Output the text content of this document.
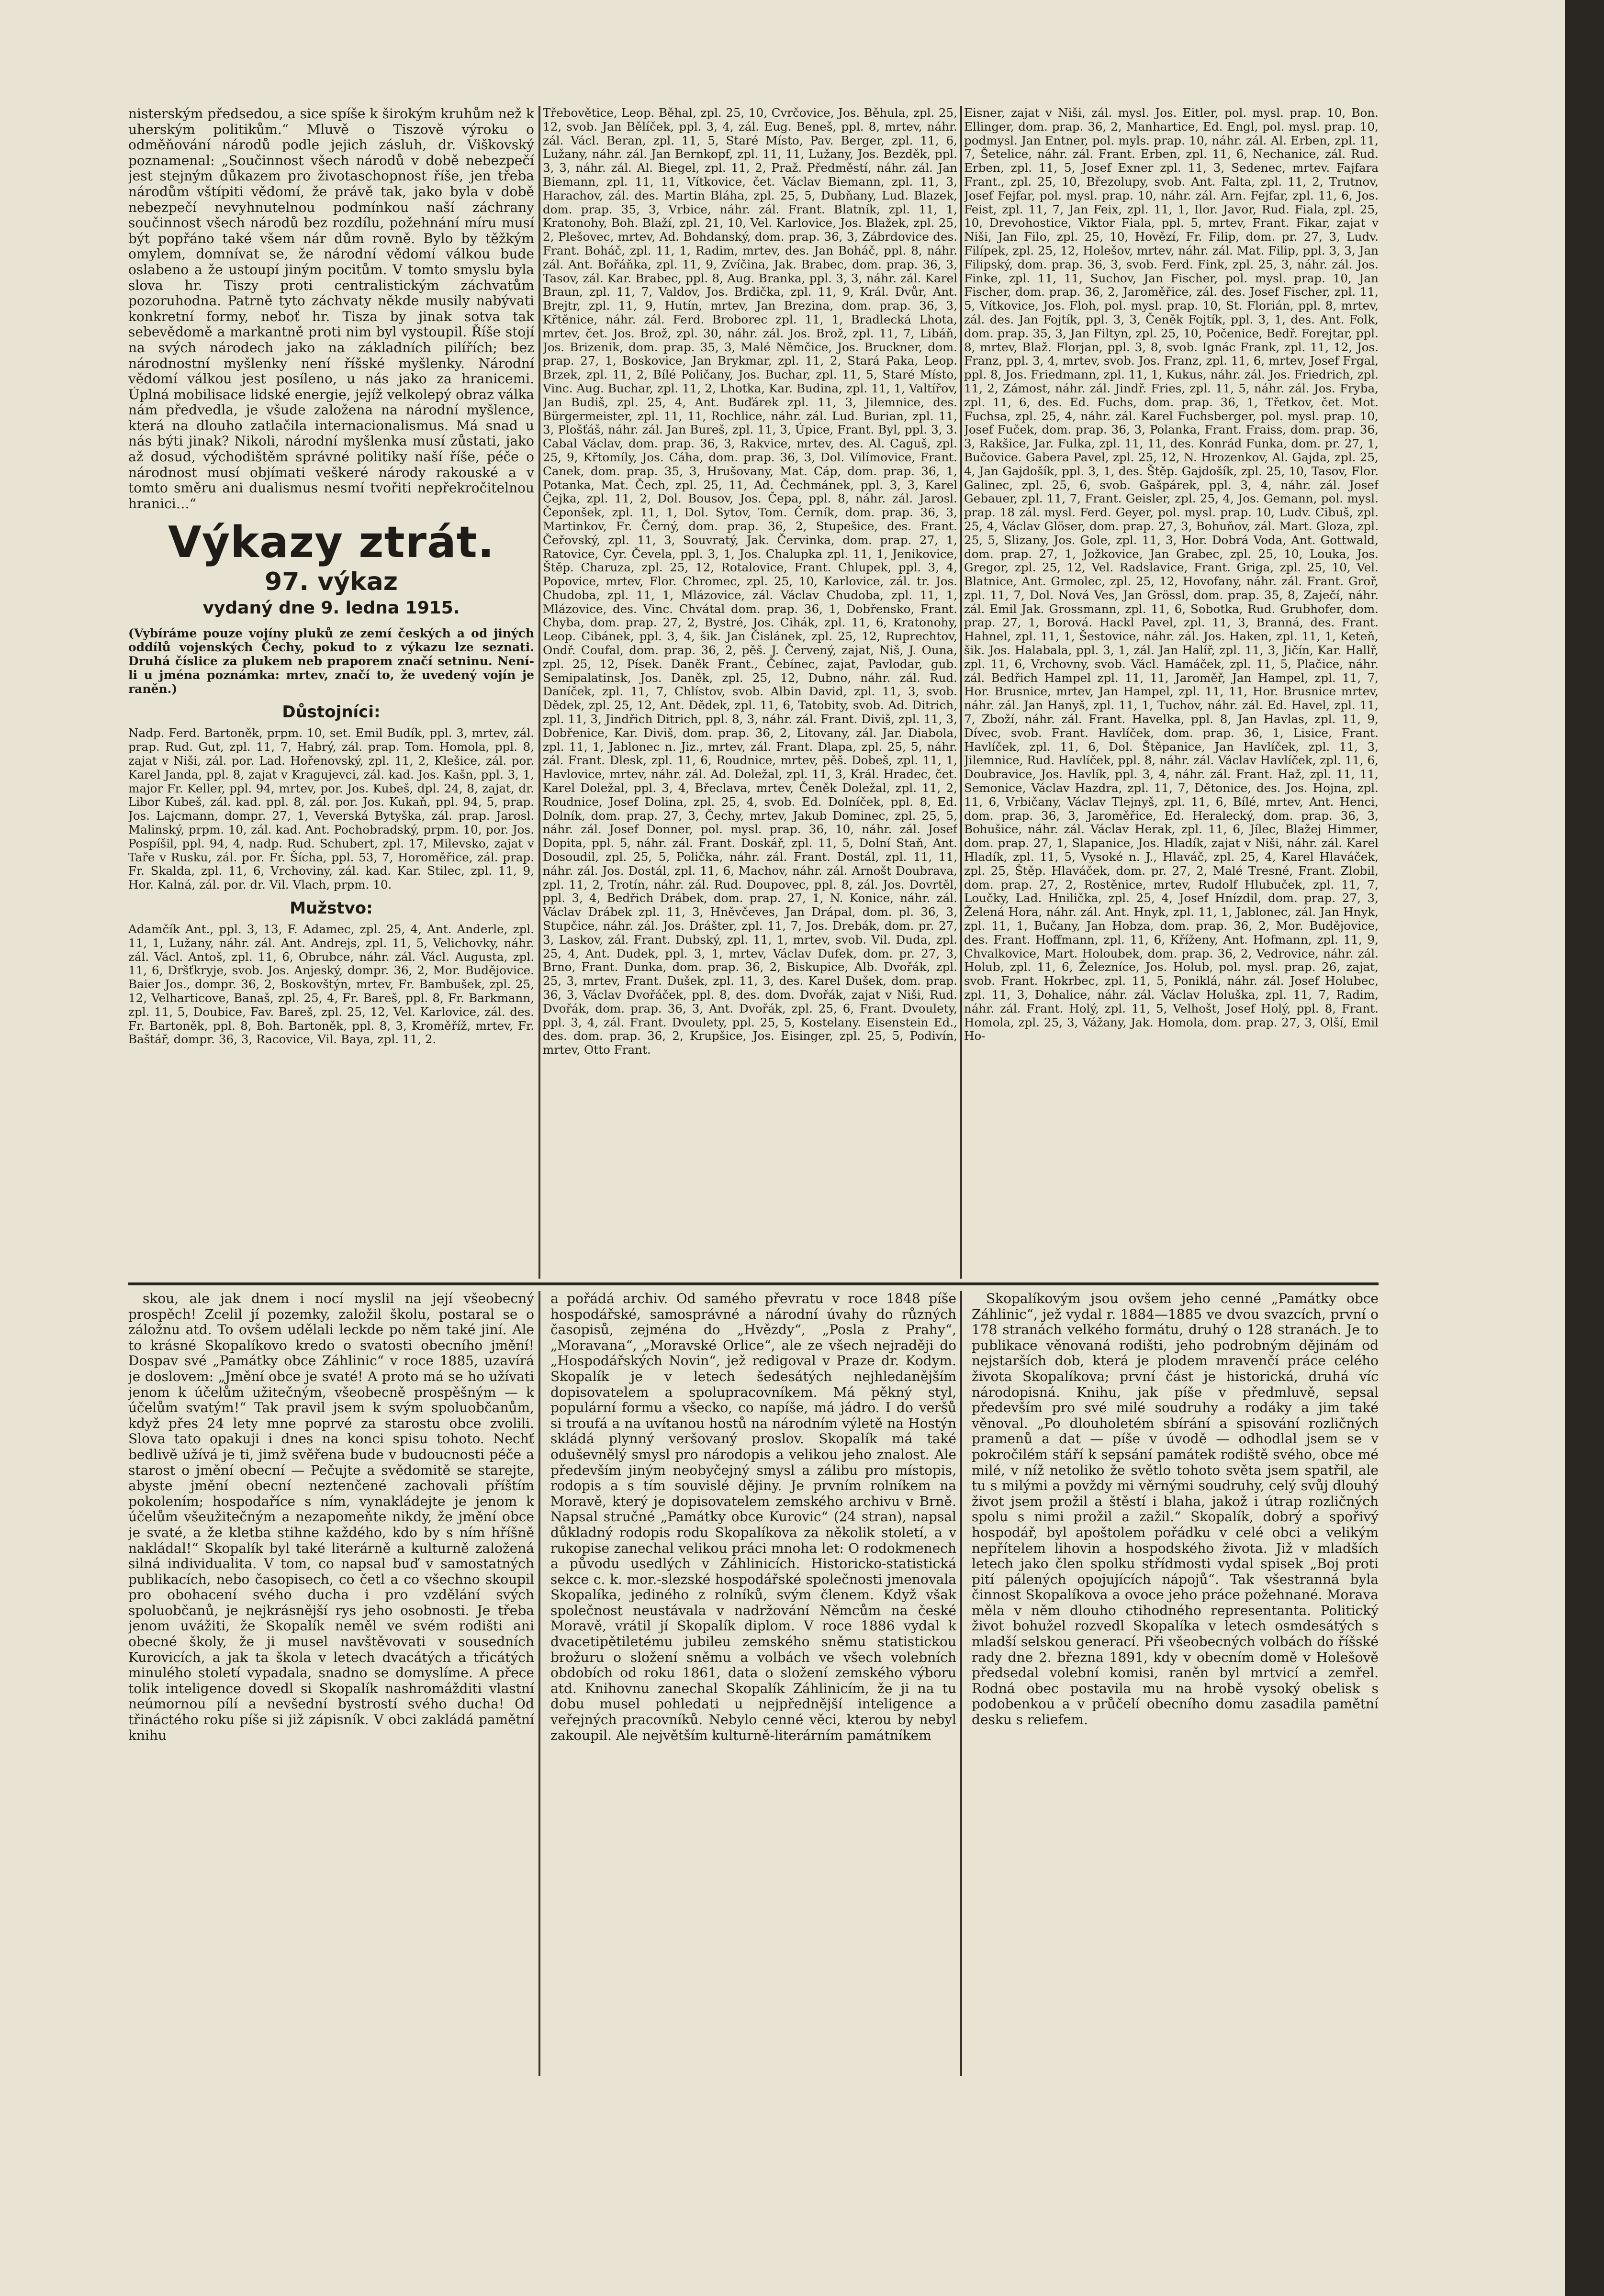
nisterským předsedou, a sice spíše k širokým kruhům než k uherským politikům.“ Mluvě o Tiszově výroku o odměňování národů podle jejich zásluh, dr. Viškovský poznamenal: „Součinnost všech národů v době nebezpečí jest stejným důkazem pro životaschopnost říše, jen třeba národům vštípiti vědomí, že právě tak, jako byla v době nebezpečí nevyhnutelnou podmínkou naší záchrany součinnost všech národů bez rozdílu, požehnání míru musí být popřáno také všem nár dům rovně. Bylo by těžkým omylem, domnívat se, že národní vědomí válkou bude oslabeno a že ustoupí jiným pocitům. V tomto smyslu byla slova hr. Tiszy proti centralistickým záchvatům pozoruhodna. Patrně tyto záchvaty někde musily nabývati konkretní formy, neboť hr. Tisza by jinak sotva tak sebevědomě a markantně proti nim byl vystoupil. Říše stojí na svých národech jako na základních pilířích; bez národnostní myšlenky není říšské myšlenky. Národní vědomí válkou jest posíleno, u nás jako za hranicemi. Úplná mobilisace lidské energie, jejíž velkolepý obraz válka nám předvedla, je všude založena na národní myšlence, která na dlouho zatlačila internacionalismus. Má snad u nás býti jinak? Nikoli, národní myšlenka musí zůstati, jako až dosud, východištěm správné politiky naší říše, péče o národnost musí objímati veškeré národy rakouské a v tomto směru ani dualismus nesmí tvořiti nepřekročitelnou hranici…“

Výkazy ztrát.
97. výkaz
vydaný dne 9. ledna 1915.

(Vybíráme pouze vojíny pluků ze zemí českých a od jiných oddílů vojenských Čechy, pokud to z výkazu lze seznati. Druhá číslice za plukem neb praporem značí setninu. Není-li u jména poznámka: mrtev, značí to, že uvedený vojín je raněn.)

Důstojníci:

Nadp. Ferd. Bartoněk, prpm. 10, set. Emil Budík, ppl. 3, mrtev, zál. prap. Rud. Gut, zpl. 11, 7, Habrý, zál. prap. Tom. Homola, ppl. 8, zajat v Niši, zál. por. Lad. Hořenovský, zpl. 11, 2, Klešice, zál. por. Karel Janda, ppl. 8, zajat v Kragujevci, zál. kad. Jos. Kašn, ppl. 3, 1, major Fr. Keller, ppl. 94, mrtev, por. Jos. Kubeš, dpl. 24, 8, zajat, dr. Libor Kubeš, zál. kad. ppl. 8, zál. por. Jos. Kukaň, ppl. 94, 5, prap. Jos. Lajcmann, dompr. 27, 1, Veverská Bytyška, zál. prap. Jarosl. Malinský, prpm. 10, zál. kad. Ant. Pochobradský, prpm. 10, por. Jos. Pospíšil, ppl. 94, 4, nadp. Rud. Schubert, zpl. 17, Milevsko, zajat v Taře v Rusku, zál. por. Fr. Šícha, ppl. 53, 7, Horoměřice, zál. prap. Fr. Skalda, zpl. 11, 6, Vrchoviny, zál. kad. Kar. Stilec, zpl. 11, 9, Hor. Kalná, zál. por. dr. Vil. Vlach, prpm. 10.

Mužstvo:

Adamčík Ant., ppl. 3, 13, F. Adamec, zpl. 25, 4, Ant. Anderle, zpl. 11, 1, Lužany, náhr. zál. Ant. Andrejs, zpl. 11, 5, Velichovky, náhr. zál. Václ. Antoš, zpl. 11, 6, Obrubce, náhr. zál. Václ. Augusta, zpl. 11, 6, Dršťkryje, svob. Jos. Anjeský, dompr. 36, 2, Mor. Budějovice. Baier Jos., dompr. 36, 2, Boskovštýn, mrtev, Fr. Bambušek, zpl. 25, 12, Velharticove, Banaš, zpl. 25, 4, Fr. Bareš, ppl. 8, Fr. Barkmann, zpl. 11, 5, Doubice, Fav. Bareš, zpl. 25, 12, Vel. Karlovice, zál. des. Fr. Bartoněk, ppl. 8, Boh. Bartoněk, ppl. 8, 3, Kroměříž, mrtev, Fr. Baštář, dompr. 36, 3, Racovice, Vil. Baya, zpl. 11, 2.

Třebovětice, Leop. Běhal, zpl. 25, 10, Cvrčovice, Jos. Běhula, zpl. 25, 12, svob. Jan Bělíček, ppl. 3, 4, zál. Eug. Beneš, ppl. 8, mrtev, náhr. zál. Václ. Beran, zpl. 11, 5, Staré Místo, Pav. Berger, zpl. 11, 6, Lužany, náhr. zál. Jan Bernkopf, zpl. 11, 11, Lužany, Jos. Bezděk, ppl. 3, 3, náhr. zál. Al. Biegel, zpl. 11, 2, Praž. Předměstí, náhr. zál. Jan Biemann, zpl. 11, 11, Vítkovice, čet. Václav Biemann, zpl. 11, 3, Harachov, zál. des. Martin Bláha, zpl. 25, 5, Dubňany, Lud. Blazek, dom. prap. 35, 3, Vrbice, náhr. zál. Frant. Blatník, zpl. 11, 1, Kratonohy, Boh. Blaží, zpl. 21, 10, Vel. Karlovice, Jos. Blažek, zpl. 25, 2, Plešovec, mrtev, Ad. Bohdanský, dom. prap. 36, 3, Zábrdovice des. Frant. Boháč, zpl. 11, 1, Radim, mrtev, des. Jan Boháč, ppl. 8, náhr. zál. Ant. Bořáňka, zpl. 11, 9, Zvíčina, Jak. Brabec, dom. prap. 36, 3, Tasov, zál. Kar. Brabec, ppl. 8, Aug. Branka, ppl. 3, 3, náhr. zál. Karel Braun, zpl. 11, 7, Valdov, Jos. Brdička, zpl. 11, 9, Král. Dvůr, Ant. Brejtr, zpl. 11, 9, Hutín, mrtev, Jan Brezina, dom. prap. 36, 3, Křtěnice, náhr. zál. Ferd. Broborec zpl. 11, 1, Bradlecká Lhota, mrtev, čet. Jos. Brož, zpl. 30, náhr. zál. Jos. Brož, zpl. 11, 7, Libáň, Jos. Brizenik, dom. prap. 35, 3, Malé Němčice, Jos. Bruckner, dom. prap. 27, 1, Boskovice, Jan Brykmar, zpl. 11, 2, Stará Paka, Leop. Brzek, zpl. 11, 2, Bílé Poličany, Jos. Buchar, zpl. 11, 5, Staré Místo, Vinc. Aug. Buchar, zpl. 11, 2, Lhotka, Kar. Budina, zpl. 11, 1, Valtířov, Jan Budiš, zpl. 25, 4, Ant. Buďárek zpl. 11, 3, Jilemnice, des. Bürgermeister, zpl. 11, 11, Rochlice, náhr. zál. Lud. Burian, zpl. 11, 3, Plošťáš, náhr. zál. Jan Bureš, zpl. 11, 3, Úpice, Frant. Byl, ppl. 3, 3. Cabal Václav, dom. prap. 36, 3, Rakvice, mrtev, des. Al. Caguš, zpl. 25, 9, Křtomíly, Jos. Cáha, dom. prap. 36, 3, Dol. Vilímovice, Frant. Canek, dom. prap. 35, 3, Hrušovany, Mat. Cáp, dom. prap. 36, 1, Potanka, Mat. Čech, zpl. 25, 11, Ad. Čechmánek, ppl. 3, 3, Karel Čejka, zpl. 11, 2, Dol. Bousov, Jos. Čepa, ppl. 8, náhr. zál. Jarosl. Čeponšek, zpl. 11, 1, Dol. Sytov, Tom. Černík, dom. prap. 36, 3, Martinkov, Fr. Černý, dom. prap. 36, 2, Stupešice, des. Frant. Čeřovský, zpl. 11, 3, Souvratý, Jak. Červinka, dom. prap. 27, 1, Ratovice, Cyr. Čevela, ppl. 3, 1, Jos. Chalupka zpl. 11, 1, Jenikovice, Štěp. Charuza, zpl. 25, 12, Rotalovice, Frant. Chlupek, ppl. 3, 4, Popovice, mrtev, Flor. Chromec, zpl. 25, 10, Karlovice, zál. tr. Jos. Chudoba, zpl. 11, 1, Mlázovice, zál. Václav Chudoba, zpl. 11, 1, Mlázovice, des. Vinc. Chvátal dom. prap. 36, 1, Dobřensko, Frant. Chyba, dom. prap. 27, 2, Bystré, Jos. Cihák, zpl. 11, 6, Kratonohy, Leop. Cibánek, ppl. 3, 4, šik. Jan Čislánek, zpl. 25, 12, Ruprechtov, Ondř. Coufal, dom. prap. 36, 2, pěš. J. Červený, zajat, Niš, J. Ouna, zpl. 25, 12, Písek. Daněk Frant., Čebínec, zajat, Pavlodar, gub. Semipalatinsk, Jos. Daněk, zpl. 25, 12, Dubno, náhr. zál. Rud. Daníček, zpl. 11, 7, Chlístov, svob. Albin David, zpl. 11, 3, svob. Dědek, zpl. 25, 12, Ant. Dědek, zpl. 11, 6, Tatobity, svob. Ad. Ditrich, zpl. 11, 3, Jindřich Ditrich, ppl. 8, 3, náhr. zál. Frant. Diviš, zpl. 11, 3, Dobřenice, Kar. Diviš, dom. prap. 36, 2, Litovany, zál. Jar. Diabola, zpl. 11, 1, Jablonec n. Jiz., mrtev, zál. Frant. Dlapa, zpl. 25, 5, náhr. zál. Frant. Dlesk, zpl. 11, 6, Roudnice, mrtev, pěš. Dobeš, zpl. 11, 1, Havlovice, mrtev, náhr. zál. Ad. Doležal, zpl. 11, 3, Král. Hradec, čet. Karel Doležal, ppl. 3, 4, Břeclava, mrtev, Čeněk Doležal, zpl. 11, 2, Roudnice, Josef Dolina, zpl. 25, 4, svob. Ed. Dolníček, ppl. 8, Ed. Dolník, dom. prap. 27, 3, Čechy, mrtev, Jakub Dominec, zpl. 25, 5, náhr. zál. Josef Donner, pol. mysl. prap. 36, 10, náhr. zál. Josef Dopita, ppl. 5, náhr. zál. Frant. Doskář, zpl. 11, 5, Dolní Staň, Ant. Dosoudil, zpl. 25, 5, Polička, náhr. zál. Frant. Dostál, zpl. 11, 11, náhr. zál. Jos. Dostál, zpl. 11, 6, Machov, náhr. zál. Arnošt Doubrava, zpl. 11, 2, Trotín, náhr. zál. Rud. Doupovec, ppl. 8, zál. Jos. Dovrtěl, ppl. 3, 4, Bedřich Drábek, dom. prap. 27, 1, N. Konice, náhr. zál. Václav Drábek zpl. 11, 3, Hněvčeves, Jan Drápal, dom. pl. 36, 3, Stupčice, náhr. zál. Jos. Drášter, zpl. 11, 7, Jos. Drebák, dom. pr. 27, 3, Laskov, zál. Frant. Dubský, zpl. 11, 1, mrtev, svob. Vil. Duda, zpl. 25, 4, Ant. Dudek, ppl. 3, 1, mrtev, Václav Dufek, dom. pr. 27, 3, Brno, Frant. Dunka, dom. prap. 36, 2, Biskupice, Alb. Dvořák, zpl. 25, 3, mrtev, Frant. Dušek, zpl. 11, 3, des. Karel Dušek, dom. prap. 36, 3, Václav Dvořáček, ppl. 8, des. dom. Dvořák, zajat v Niši, Rud. Dvořák, dom. prap. 36, 3, Ant. Dvořák, zpl. 25, 6, Frant. Dvoulety, ppl. 3, 4, zál. Frant. Dvoulety, ppl. 25, 5, Kostelany. Eisenstein Ed., des. dom. prap. 36, 2, Krupšice, Jos. Eisinger, zpl. 25, 5, Podivín, mrtev, Otto Frant.

Eisner, zajat v Niši, zál. mysl. Jos. Eitler, pol. mysl. prap. 10, Bon. Ellinger, dom. prap. 36, 2, Manhartice, Ed. Engl, pol. mysl. prap. 10, podmysl. Jan Entner, pol. myls. prap. 10, náhr. zál. Al. Erben, zpl. 11, 7, Šetelice, náhr. zál. Frant. Erben, zpl. 11, 6, Nechanice, zál. Rud. Erben, zpl. 11, 5, Josef Exner zpl. 11, 3, Sedenec, mrtev. Fajfara Frant., zpl. 25, 10, Březolupy, svob. Ant. Falta, zpl. 11, 2, Trutnov, Josef Fejfar, pol. mysl. prap. 10, náhr. zál. Arn. Fejfar, zpl. 11, 6, Jos. Feist, zpl. 11, 7, Jan Feix, zpl. 11, 1, Ilor. Javor, Rud. Fiala, zpl. 25, 10, Drevohostice, Viktor Fiala, ppl. 5, mrtev, Frant. Fikar, zajat v Niši, Jan Filo, zpl. 25, 10, Hovězí, Fr. Filip, dom. pr. 27, 3, Ludv. Filípek, zpl. 25, 12, Holešov, mrtev, náhr. zál. Mat. Filip, ppl. 3, 3, Jan Filipský, dom. prap. 36, 3, svob. Ferd. Fink, zpl. 25, 3, náhr. zál. Jos. Finke, zpl. 11, 11, Suchov, Jan Fischer, pol. mysl. prap. 10, Jan Fischer, dom. prap. 36, 2, Jaroměřice, zál. des. Josef Fischer, zpl. 11, 5, Vítkovice, Jos. Floh, pol. mysl. prap. 10, St. Florián, ppl. 8, mrtev, zál. des. Jan Fojtík, ppl. 3, 3, Čeněk Fojtík, ppl. 3, 1, des. Ant. Folk, dom. prap. 35, 3, Jan Filtyn, zpl. 25, 10, Počenice, Bedř. Forejtar, ppl. 8, mrtev, Blaž. Florjan, ppl. 3, 8, svob. Ignác Frank, zpl. 11, 12, Jos. Franz, ppl. 3, 4, mrtev, svob. Jos. Franz, zpl. 11, 6, mrtev, Josef Frgal, ppl. 8, Jos. Friedmann, zpl. 11, 1, Kukus, náhr. zál. Jos. Friedrich, zpl. 11, 2, Zámost, náhr. zál. Jindř. Fries, zpl. 11, 5, náhr. zál. Jos. Fryba, zpl. 11, 6, des. Ed. Fuchs, dom. prap. 36, 1, Třetkov, čet. Mot. Fuchsa, zpl. 25, 4, náhr. zál. Karel Fuchsberger, pol. mysl. prap. 10, Josef Fuček, dom. prap. 36, 3, Polanka, Frant. Fraiss, dom. prap. 36, 3, Rakšice, Jar. Fulka, zpl. 11, 11, des. Konrád Funka, dom. pr. 27, 1, Bučovice. Gabera Pavel, zpl. 25, 12, N. Hrozenkov, Al. Gajda, zpl. 25, 4, Jan Gajdošík, ppl. 3, 1, des. Štěp. Gajdošík, zpl. 25, 10, Tasov, Flor. Galinec, zpl. 25, 6, svob. Gašpárek, ppl. 3, 4, náhr. zál. Josef Gebauer, zpl. 11, 7, Frant. Geisler, zpl. 25, 4, Jos. Gemann, pol. mysl. prap. 18 zál. mysl. Ferd. Geyer, pol. mysl. prap. 10, Ludv. Cibuš, zpl. 25, 4, Václav Glöser, dom. prap. 27, 3, Bohuňov, zál. Mart. Gloza, zpl. 25, 5, Slizany, Jos. Gole, zpl. 11, 3, Hor. Dobrá Voda, Ant. Gottwald, dom. prap. 27, 1, Jožkovice, Jan Grabec, zpl. 25, 10, Louka, Jos. Gregor, zpl. 25, 12, Vel. Radslavice, Frant. Griga, zpl. 25, 10, Vel. Blatnice, Ant. Grmolec, zpl. 25, 12, Hovofany, náhr. zál. Frant. Groř, zpl. 11, 7, Dol. Nová Ves, Jan Grössl, dom. prap. 35, 8, Zaječí, náhr. zál. Emil Jak. Grossmann, zpl. 11, 6, Sobotka, Rud. Grubhofer, dom. prap. 27, 1, Borová. Hackl Pavel, zpl. 11, 3, Branná, des. Frant. Hahnel, zpl. 11, 1, Šestovice, náhr. zál. Jos. Haken, zpl. 11, 1, Keteň, šik. Jos. Halabala, ppl. 3, 1, zál. Jan Halíř, zpl. 11, 3, Jičín, Kar. Hallř, zpl. 11, 6, Vrchovny, svob. Václ. Hamáček, zpl. 11, 5, Plačice, náhr. zál. Bedřich Hampel zpl. 11, 11, Jaroměř, Jan Hampel, zpl. 11, 7, Hor. Brusnice, mrtev, Jan Hampel, zpl. 11, 11, Hor. Brusnice mrtev, náhr. zál. Jan Hanyš, zpl. 11, 1, Tuchov, náhr. zál. Ed. Havel, zpl. 11, 7, Zboží, náhr. zál. Frant. Havelka, ppl. 8, Jan Havlas, zpl. 11, 9, Dívec, svob. Frant. Havlíček, dom. prap. 36, 1, Lisice, Frant. Havlíček, zpl. 11, 6, Dol. Štěpanice, Jan Havlíček, zpl. 11, 3, Jilemnice, Rud. Havlíček, ppl. 8, náhr. zál. Václav Havlíček, zpl. 11, 6, Doubravice, Jos. Havlík, ppl. 3, 4, náhr. zál. Frant. Haž, zpl. 11, 11, Semonice, Václav Hazdra, zpl. 11, 7, Dětonice, des. Jos. Hojna, zpl. 11, 6, Vrbičany, Václav Tlejnyš, zpl. 11, 6, Bílé, mrtev, Ant. Henci, dom. prap. 36, 3, Jaroměřice, Ed. Heralecký, dom. prap. 36, 3, Bohušice, náhr. zál. Václav Herak, zpl. 11, 6, Jílec, Blažej Himmer, dom. prap. 27, 1, Slapanice, Jos. Hladík, zajat v Niši, náhr. zál. Karel Hladík, zpl. 11, 5, Vysoké n. J., Hlaváč, zpl. 25, 4, Karel Hlaváček, zpl. 25, Štěp. Hlaváček, dom. pr. 27, 2, Malé Tresné, Frant. Zlobil, dom. prap. 27, 2, Rostěnice, mrtev, Rudolf Hlubuček, zpl. 11, 7, Loučky, Lad. Hnilička, zpl. 25, 4, Josef Hnízdil, dom. prap. 27, 3, Želená Hora, náhr. zál. Ant. Hnyk, zpl. 11, 1, Jablonec, zál. Jan Hnyk, zpl. 11, 1, Bučany, Jan Hobza, dom. prap. 36, 2, Mor. Budějovice, des. Frant. Hoffmann, zpl. 11, 6, Kříženy, Ant. Hofmann, zpl. 11, 9, Chvalkovice, Mart. Holoubek, dom. prap. 36, 2, Vedrovice, náhr. zál. Holub, zpl. 11, 6, Železníce, Jos. Holub, pol. mysl. prap. 26, zajat, svob. Frant. Hokrbec, zpl. 11, 5, Poniklá, náhr. zál. Josef Holubec, zpl. 11, 3, Dohalice, náhr. zál. Václav Holuška, zpl. 11, 7, Radim, náhr. zál. Frant. Holý, zpl. 11, 5, Velhošt, Josef Holý, ppl. 8, Frant. Homola, zpl. 25, 3, Vážany, Jak. Homola, dom. prap. 27, 3, Olší, Emil Ho-

skou, ale jak dnem i nocí myslil na její všeobecný prospěch! Zcelil jí pozemky, založil školu, postaral se o záložnu atd. To ovšem udělali leckde po něm také jiní. Ale to krásné Skopalíkovo kredo o svatosti obecního jmění! Dospav své „Památky obce Záhlinic“ v roce 1885, uzavírá je doslovem: „Jmění obce je svaté! A proto má se ho užívati jenom k účelům užitečným, všeobecně prospěšným — k účelům svatým!“ Tak pravil jsem k svým spoluobčanům, když přes 24 lety mne poprvé za starostu obce zvolili. Slova tato opakuji i dnes na konci spisu tohoto. Nechť bedlivě užívá je ti, jimž svěřena bude v budoucnosti péče a starost o jmění obecní — Pečujte a svědomitě se starejte, abyste jmění obecní neztenčené zachovali příštím pokolením; hospodaříce s ním, vynakládejte je jenom k účelům všeužitečným a nezapomeňte nikdy, že jmění obce je svaté, a že kletba stihne každého, kdo by s ním hříšně nakládal!“ Skopalík byl také literárně a kulturně založená silná individualita. V tom, co napsal buď v samostatných publikacích, nebo časopisech, co četl a co všechno skoupil pro obohacení svého ducha i pro vzdělání svých spoluobčanů, je nejkrásnější rys jeho osobnosti. Je třeba jenom uvážiti, že Skopalík neměl ve svém rodišti ani obecné školy, že ji musel navštěvovati v sousedních Kurovicích, a jak ta škola v letech dvacátých a třicátých minulého století vypadala, snadno se domyslíme. A přece tolik inteligence dovedl si Skopalík nashromážditi vlastní neúmornou pílí a nevšední bystrostí svého ducha! Od třináctého roku píše si již zápisník. V obci zakládá pamětní knihu

a pořádá archiv. Od samého převratu v roce 1848 píše hospodářské, samosprávné a národní úvahy do různých časopisů, zejména do „Hvězdy“, „Posla z Prahy“, „Moravana“, „Moravské Orlice“, ale ze všech nejraději do „Hospodářských Novin“, jež redigoval v Praze dr. Kodym. Skopalík je v letech šedesátých nejhledanějším dopisovatelem a spolupracovníkem. Má pěkný styl, populární formu a všecko, co napíše, má jádro. I do veršů si troufá a na uvítanou hostů na národním výletě na Hostýn skládá plynný veršovaný proslov. Skopalík má také oduševnělý smysl pro národopis a velikou jeho znalost. Ale především jiným neobyčejný smysl a zálibu pro místopis, rodopis a s tím souvislé dějiny. Je prvním rolníkem na Moravě, který je dopisovatelem zemského archivu v Brně. Napsal stručné „Památky obce Kurovic“ (24 stran), napsal důkladný rodopis rodu Skopalíkova za několik století, a v rukopise zanechal velikou práci mnoha let: O rodokmenech a původu usedlých v Záhlinicích. Historicko-statistická sekce c. k. mor.-slezské hospodářské společnosti jmenovala Skopalíka, jediného z rolníků, svým členem. Když však společnost neustávala v nadržování Němcům na české Moravě, vrátil jí Skopalík diplom. V roce 1886 vydal k dvacetipětiletému jubileu zemského sněmu statistickou brožuru o složení sněmu a volbách ve všech volebních obdobích od roku 1861, data o složení zemského výboru atd. Knihovnu zanechal Skopalík Záhlinicím, že ji na tu dobu musel pohledati u nejpřednější inteligence a veřejných pracovníků. Nebylo cenné věci, kterou by nebyl zakoupil. Ale největším kulturně-literárním památníkem

Skopalíkovým jsou ovšem jeho cenné „Památky obce Záhlinic“, jež vydal r. 1884—1885 ve dvou svazcích, první o 178 stranách velkého formátu, druhý o 128 stranách. Je to publikace věnovaná rodišti, jeho podrobným dějinám od nejstarších dob, která je plodem mravenčí práce celého života Skopalíkova; první část je historická, druhá víc národopisná. Knihu, jak píše v předmluvě, sepsal především pro své milé soudruhy a rodáky a jim také věnoval. „Po dlouholetém sbírání a spisování rozličných pramenů a dat — píše v úvodě — odhodlal jsem se v pokročilém stáří k sepsání památek rodiště svého, obce mé milé, v níž netoliko že světlo tohoto světa jsem spatřil, ale tu s milými a povždy mi věrnými soudruhy, celý svůj dlouhý život jsem prožil a štěstí i blaha, jakož i útrap rozličných spolu s nimi prožil a zažil.“ Skopalík, dobrý a spořivý hospodář, byl apoštolem pořádku v celé obci a velikým nepřítelem lihovin a hospodského života. Již v mladších letech jako člen spolku střídmosti vydal spisek „Boj proti pití pálených opojujících nápojů“. Tak všestranná byla činnost Skopalíkova a ovoce jeho práce požehnané. Morava měla v něm dlouho ctihodného representanta. Politický život bohužel rozvedl Skopalíka v letech osmdesátých s mladší selskou generací. Při všeobecných volbách do říšské rady dne 2. března 1891, kdy v obecním domě v Holešově předsedal volební komisi, raněn byl mrtvicí a zemřel. Rodná obec postavila mu na hrobě vysoký obelisk s podobenkou a v průčelí obecního domu zasadila pamětní desku s reliefem.
